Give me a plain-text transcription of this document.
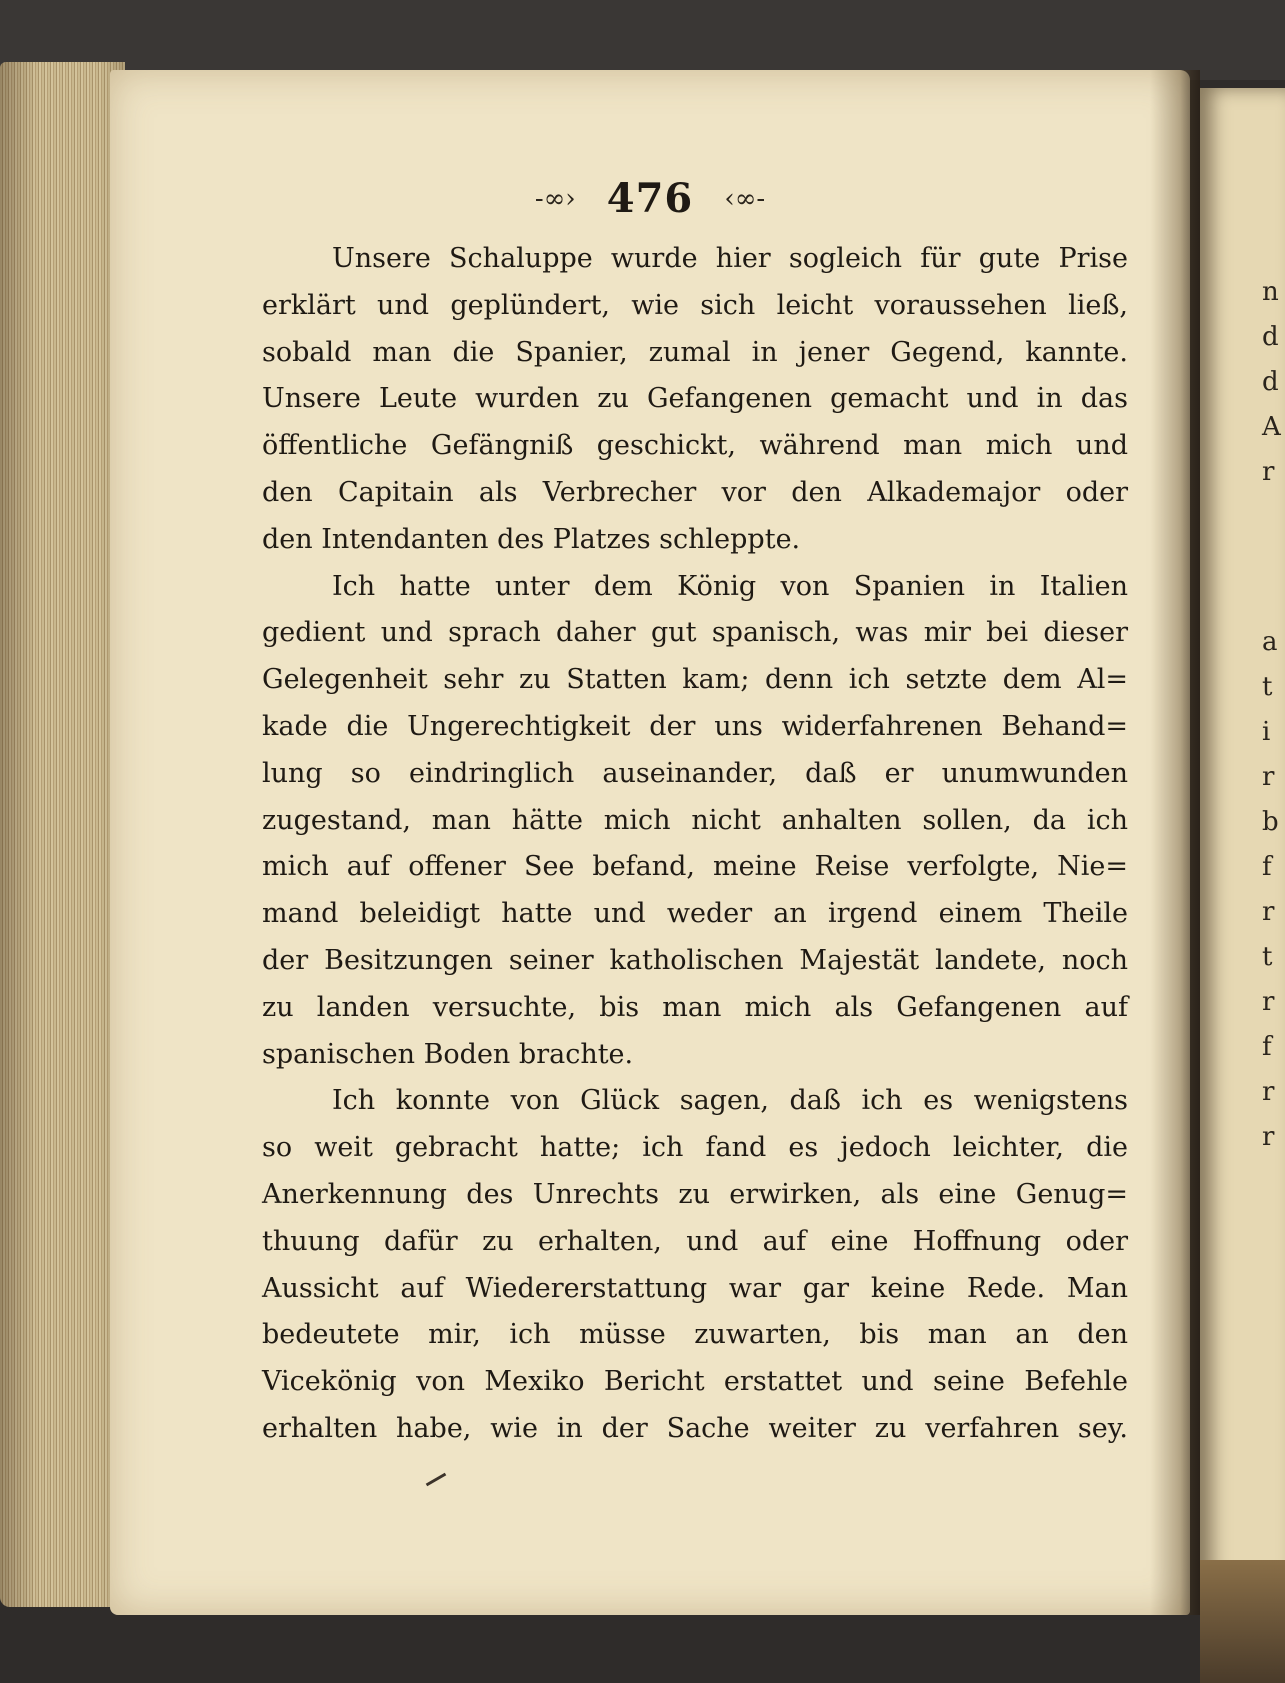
n
d
d
A
r
a
t
i
r
b
f
r
t
r
f
r
r
-∞› 476 ‹∞-
Unsere Schaluppe wurde hier sogleich für gute Prise
erklärt und geplündert, wie sich leicht voraussehen ließ,
sobald man die Spanier, zumal in jener Gegend, kannte.
Unsere Leute wurden zu Gefangenen gemacht und in das
öffentliche Gefängniß geschickt, während man mich und
den Capitain als Verbrecher vor den Alkademajor oder
den Intendanten des Platzes schleppte.
Ich hatte unter dem König von Spanien in Italien
gedient und sprach daher gut spanisch, was mir bei dieser
Gelegenheit sehr zu Statten kam; denn ich setzte dem Al=
kade die Ungerechtigkeit der uns widerfahrenen Behand=
lung so eindringlich auseinander, daß er unumwunden
zugestand, man hätte mich nicht anhalten sollen, da ich
mich auf offener See befand, meine Reise verfolgte, Nie=
mand beleidigt hatte und weder an irgend einem Theile
der Besitzungen seiner katholischen Majestät landete, noch
zu landen versuchte, bis man mich als Gefangenen auf
spanischen Boden brachte.
Ich konnte von Glück sagen, daß ich es wenigstens
so weit gebracht hatte; ich fand es jedoch leichter, die
Anerkennung des Unrechts zu erwirken, als eine Genug=
thuung dafür zu erhalten, und auf eine Hoffnung oder
Aussicht auf Wiedererstattung war gar keine Rede. Man
bedeutete mir, ich müsse zuwarten, bis man an den
Vicekönig von Mexiko Bericht erstattet und seine Befehle
erhalten habe, wie in der Sache weiter zu verfahren sey.
